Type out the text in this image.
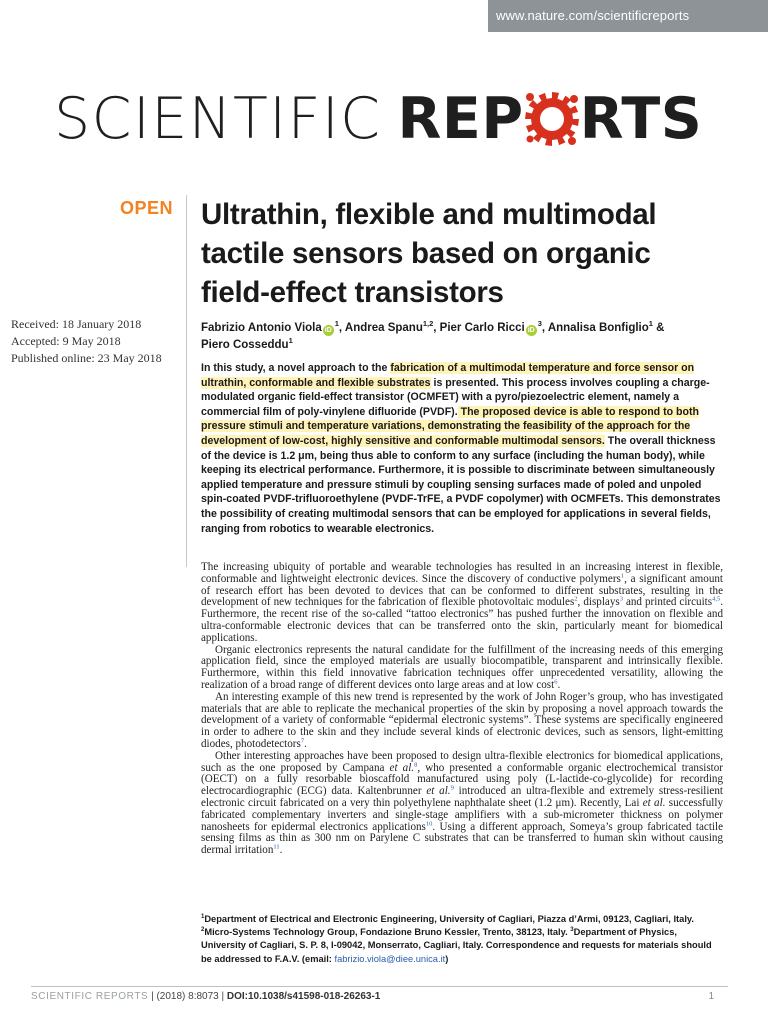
www.nature.com/scientificreports
SCIENTIFIC REP RTS
OPEN Ultrathin, flexible and multimodal tactile sensors based on organic field-effect transistors
Received: 18 January 2018
Accepted: 9 May 2018
Published online: 23 May 2018
Fabrizio Antonio Viola $iD^1$, Andrea Spanu$^{1,2}$, Pier Carlo Ricci $iD^3$, Annalisa Bonfiglio$^1$ &
Piero Cosseddu$^1$
In this study, a novel approach to the fabrication of a multimodal temperature and force sensor on ultrathin, conformable and flexible substrates is presented. This process involves coupling a charge-modulated organic field-effect transistor (OCMFET) with a pyro/piezoelectric element, namely a commercial film of poly-vinylene difluoride (PVDF). The proposed device is able to respond to both pressure stimuli and temperature variations, demonstrating the feasibility of the approach for the development of low-cost, highly sensitive and conformable multimodal sensors. The overall thickness of the device is 1.2 μm, being thus able to conform to any surface (including the human body), while keeping its electrical performance. Furthermore, it is possible to discriminate between simultaneously applied temperature and pressure stimuli by coupling sensing surfaces made of poled and unpoled spin-coated PVDF-trifluoroethylene (PVDF-TrFE, a PVDF copolymer) with OCMFETs. This demonstrates the possibility of creating multimodal sensors that can be employed for applications in several fields, ranging from robotics to wearable electronics.

The increasing ubiquity of portable and wearable technologies has resulted in an increasing interest in flexible, conformable and lightweight electronic devices. Since the discovery of conductive polymers$^1$, a significant amount of research effort has been devoted to devices that can be conformed to different substrates, resulting in the development of new techniques for the fabrication of flexible photovoltaic modules$^2$, displays$^3$ and printed circuits$^{4,5}$. Furthermore, the recent rise of the so-called “tattoo electronics” has pushed further the innovation on flexible and ultra-conformable electronic devices that can be transferred onto the skin, particularly meant for biomedical applications.

Organic electronics represents the natural candidate for the fulfillment of the increasing needs of this emerging application field, since the employed materials are usually biocompatible, transparent and intrinsically flexible. Furthermore, within this field innovative fabrication techniques offer unprecedented versatility, allowing the realization of a broad range of different devices onto large areas and at low cost$^6$.

An interesting example of this new trend is represented by the work of John Roger’s group, who has investigated materials that are able to replicate the mechanical properties of the skin by proposing a novel approach towards the development of a variety of conformable “epidermal electronic systems”. These systems are specifically engineered in order to adhere to the skin and they include several kinds of electronic devices, such as sensors, light-emitting diodes, photodetectors$^7$.

Other interesting approaches have been proposed to design ultra-flexible electronics for biomedical applications, such as the one proposed by Campana et al.$^8$, who presented a conformable organic electrochemical transistor (OECT) on a fully resorbable bioscaffold manufactured using poly (L-lactide-co-glycolide) for recording electrocardiographic (ECG) data. Kaltenbrunner et al.$^9$ introduced an ultra-flexible and extremely stress-resilient electronic circuit fabricated on a very thin polyethylene naphthalate sheet (1.2 μm). Recently, Lai et al. successfully fabricated complementary inverters and single-stage amplifiers with a sub-micrometer thickness on polymer nanosheets for epidermal electronics applications$^{10}$. Using a different approach, Someya’s group fabricated tactile sensing films as thin as 300 nm on Parylene C substrates that can be transferred to human skin without causing dermal irritation$^{11}$.

$^1$Department of Electrical and Electronic Engineering, University of Cagliari, Piazza d’Armi, 09123, Cagliari, Italy. $^2$Micro-Systems Technology Group, Fondazione Bruno Kessler, Trento, 38123, Italy. $^3$Department of Physics, University of Cagliari, S. P. 8, I-09042, Monserrato, Cagliari, Italy. Correspondence and requests for materials should be addressed to F.A.V. (email: fabrizio.viola@diee.unica.it)
SCIENTIFIC REPORTS | (2018) 8:8073 | DOI:10.1038/s41598-018-26263-1	1
